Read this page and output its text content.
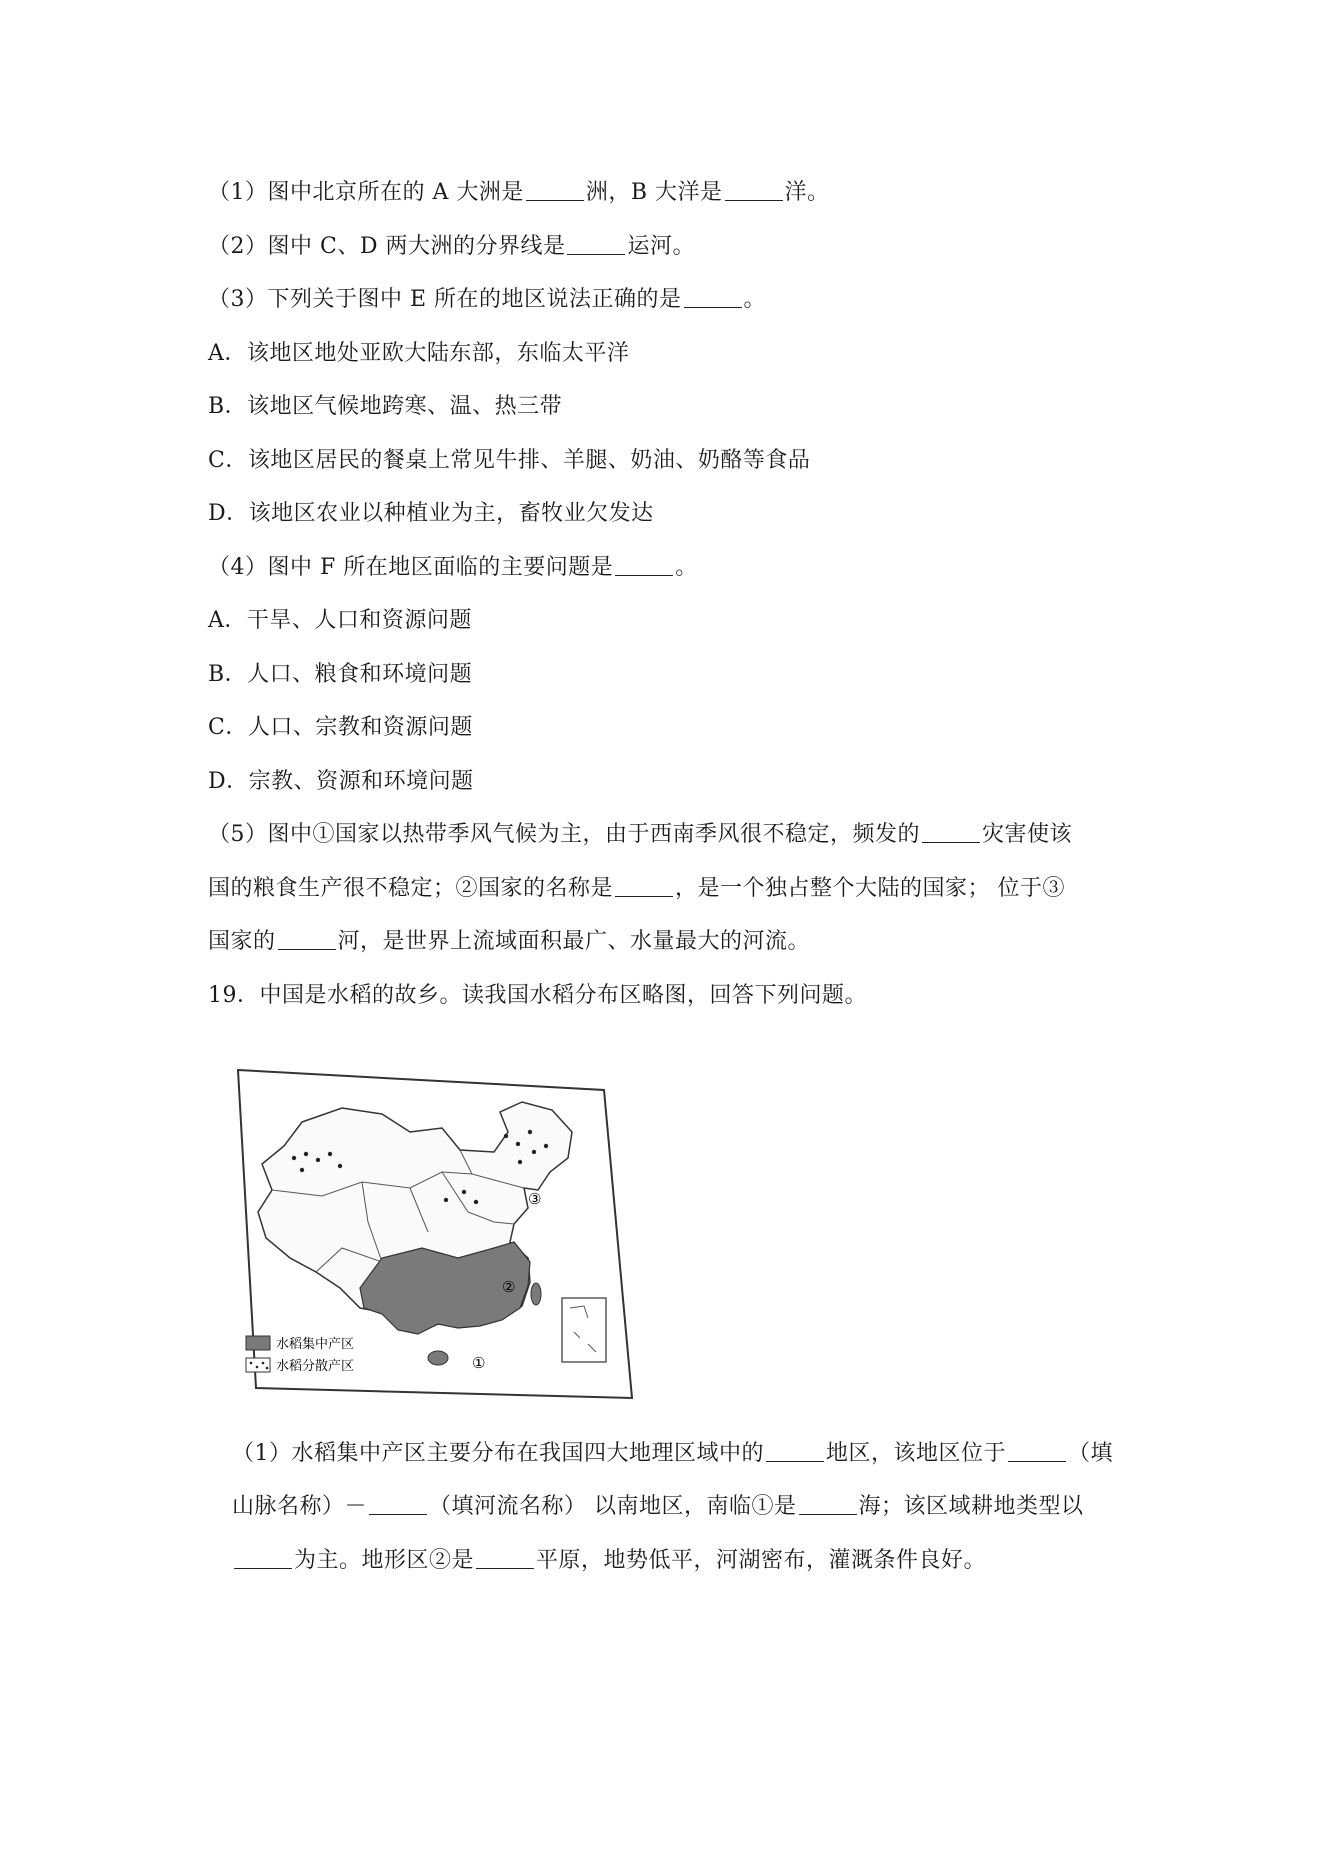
（1）图中北京所在的 A 大洲是	洲，B 大洋是	洋。
（2）图中 C、D 两大洲的分界线是	运河。
（3）下列关于图中 E 所在的地区说法正确的是	。
A．该地区地处亚欧大陆东部，东临太平洋
B．该地区气候地跨寒、温、热三带
C．该地区居民的餐桌上常见牛排、羊腿、奶油、奶酪等食品
D．该地区农业以种植业为主，畜牧业欠发达
（4）图中 F 所在地区面临的主要问题是	。
A．干旱、人口和资源问题
B．人口、粮食和环境问题
C．人口、宗教和资源问题
D．宗教、资源和环境问题
（5）图中①国家以热带季风气候为主，由于西南季风很不稳定，频发的	灾害使该
国的粮食生产很不稳定；②国家的名称是	，是一个独占整个大陆的国家； 位于③
国家的	河，是世界上流域面积最广、水量最大的河流。
19．中国是水稻的故乡。读我国水稻分布区略图，回答下列问题。
③
②
①
水稻集中产区
水稻分散产区
（1）水稻集中产区主要分布在我国四大地理区域中的	地区，该地区位于	（填
山脉名称）－	（填河流名称） 以南地区，南临①是	海；该区域耕地类型以
为主。地形区②是	平原，地势低平，河湖密布，灌溉条件良好。
